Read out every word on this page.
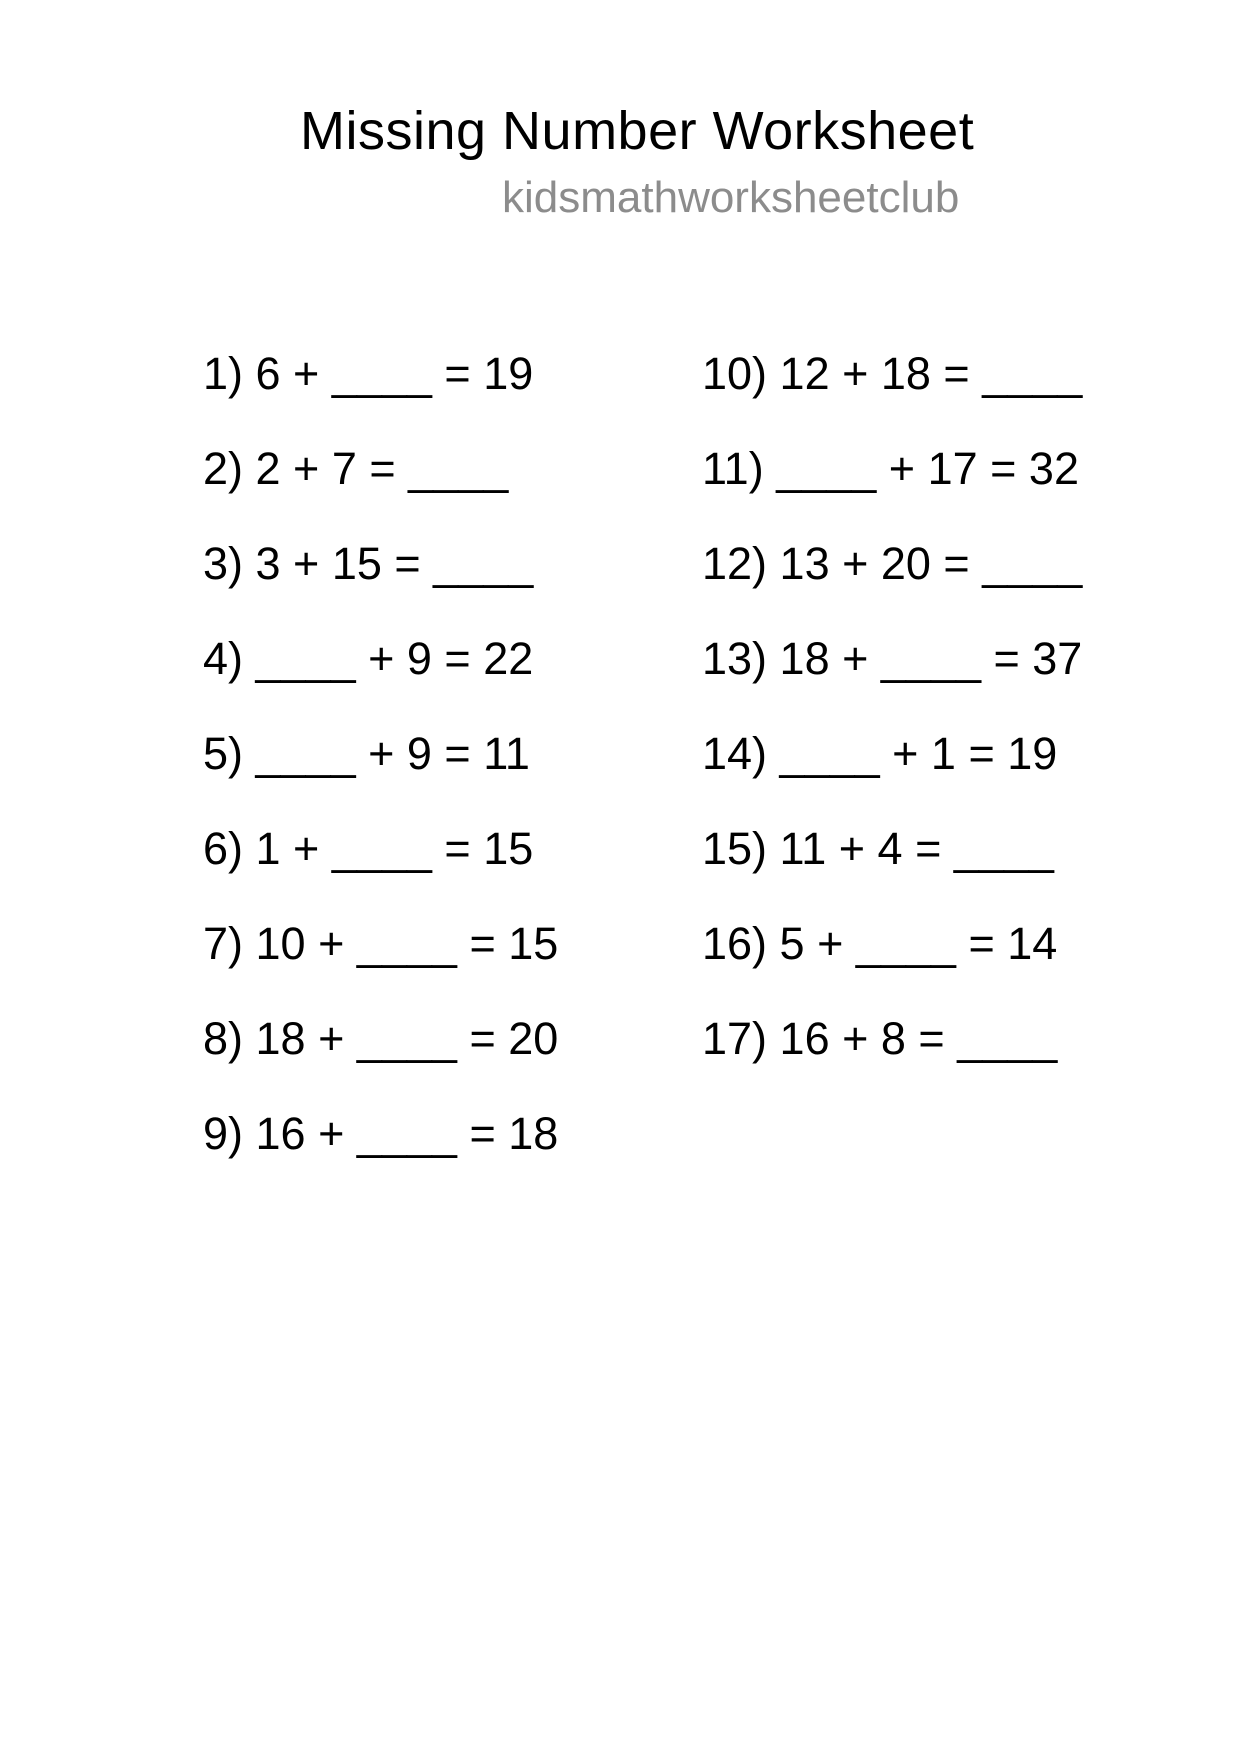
Missing Number Worksheet
kidsmathworksheetclub
1) 6 + ____ = 19
2) 2 + 7 = ____
3) 3 + 15 = ____
4) ____ + 9 = 22
5) ____ + 9 = 11
6) 1 + ____ = 15
7) 10 + ____ = 15
8) 18 + ____ = 20
9) 16 + ____ = 18
10) 12 + 18 = ____
11) ____ + 17 = 32
12) 13 + 20 = ____
13) 18 + ____ = 37
14) ____ + 1 = 19
15) 11 + 4 = ____
16) 5 + ____ = 14
17) 16 + 8 = ____
